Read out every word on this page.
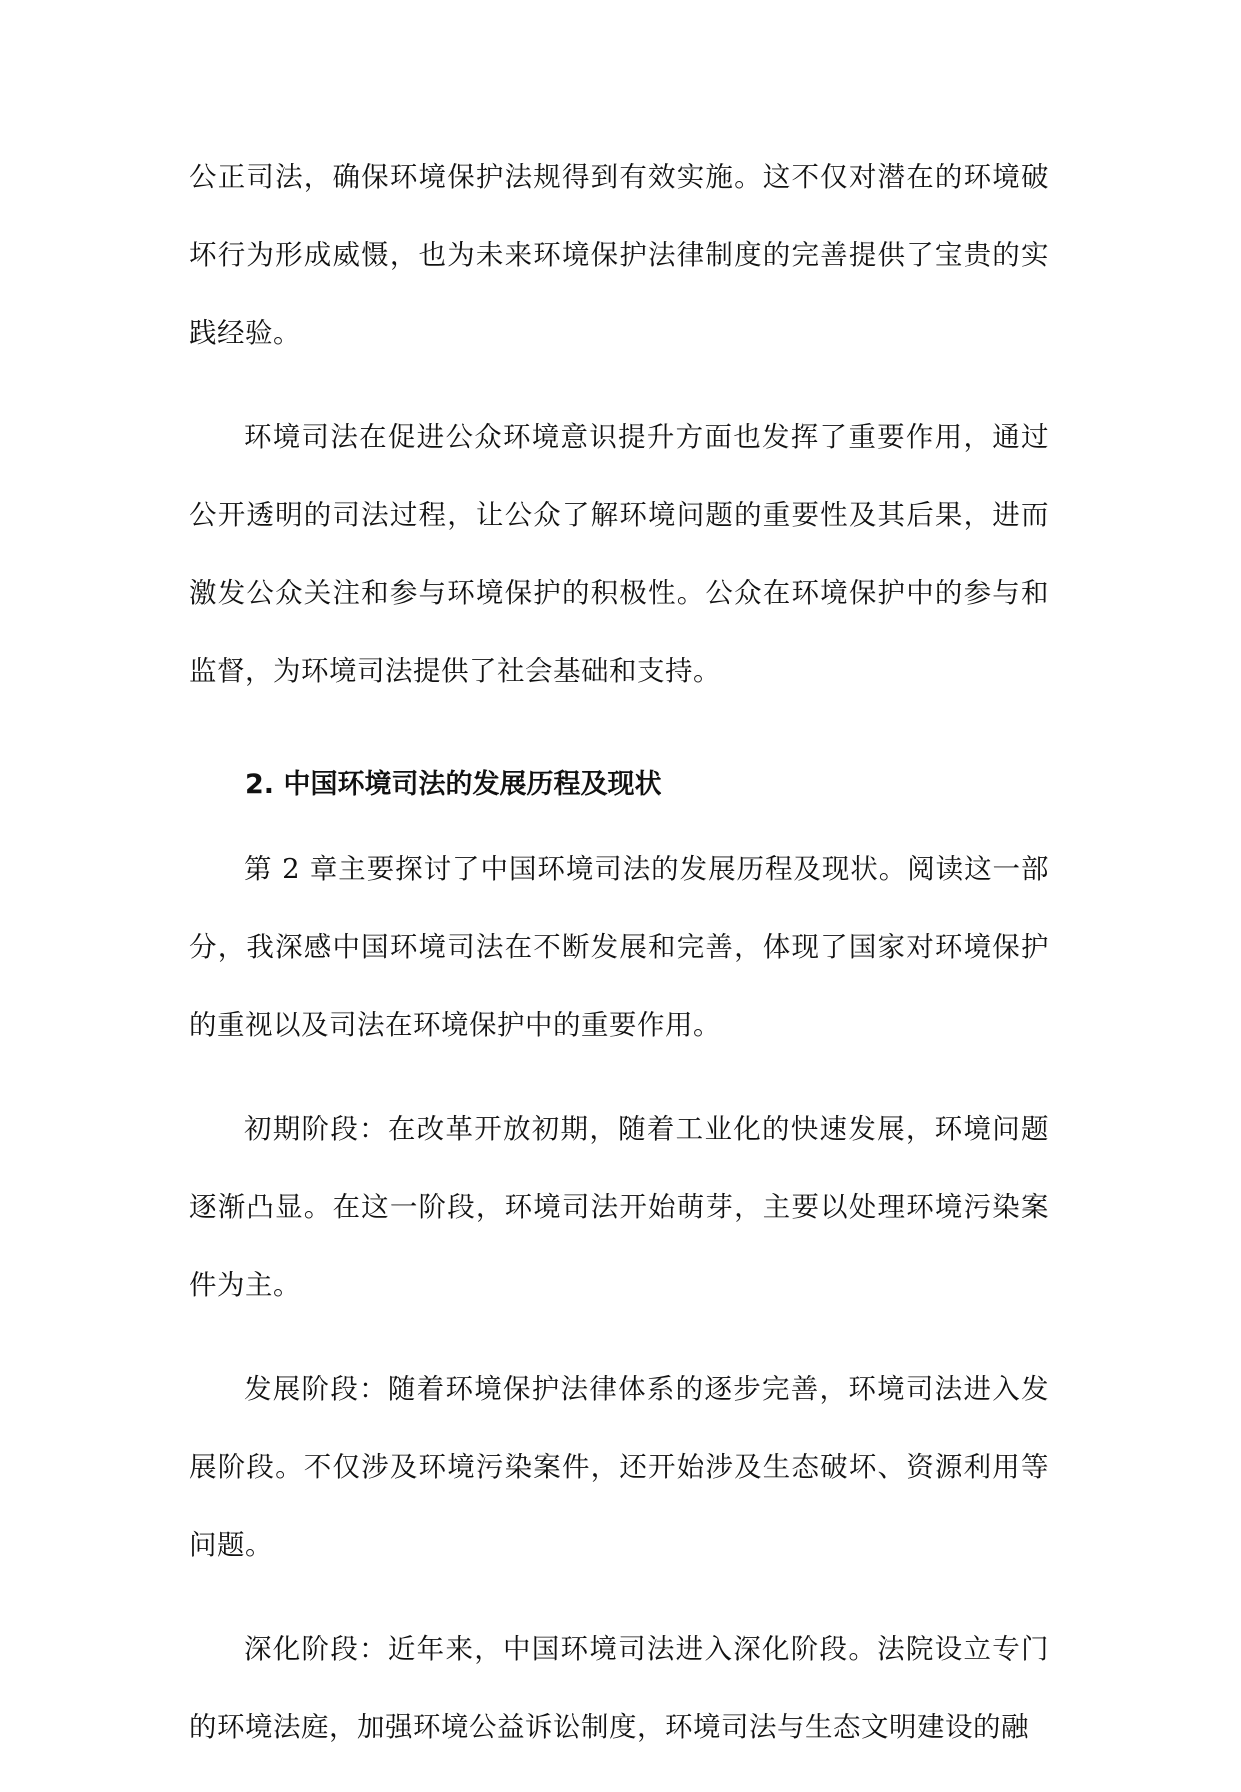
公正司法，确保环境保护法规得到有效实施。这不仅对潜在的环境破坏行为形成威慑，也为未来环境保护法律制度的完善提供了宝贵的实践经验。

环境司法在促进公众环境意识提升方面也发挥了重要作用，通过公开透明的司法过程，让公众了解环境问题的重要性及其后果，进而激发公众关注和参与环境保护的积极性。公众在环境保护中的参与和监督，为环境司法提供了社会基础和支持。

2. 中国环境司法的发展历程及现状

第 2 章主要探讨了中国环境司法的发展历程及现状。阅读这一部分，我深感中国环境司法在不断发展和完善，体现了国家对环境保护的重视以及司法在环境保护中的重要作用。

初期阶段：在改革开放初期，随着工业化的快速发展，环境问题逐渐凸显。在这一阶段，环境司法开始萌芽，主要以处理环境污染案件为主。

发展阶段：随着环境保护法律体系的逐步完善，环境司法进入发展阶段。不仅涉及环境污染案件，还开始涉及生态破坏、资源利用等问题。

深化阶段：近年来，中国环境司法进入深化阶段。法院设立专门的环境法庭，加强环境公益诉讼制度，环境司法与生态文明建设的融
